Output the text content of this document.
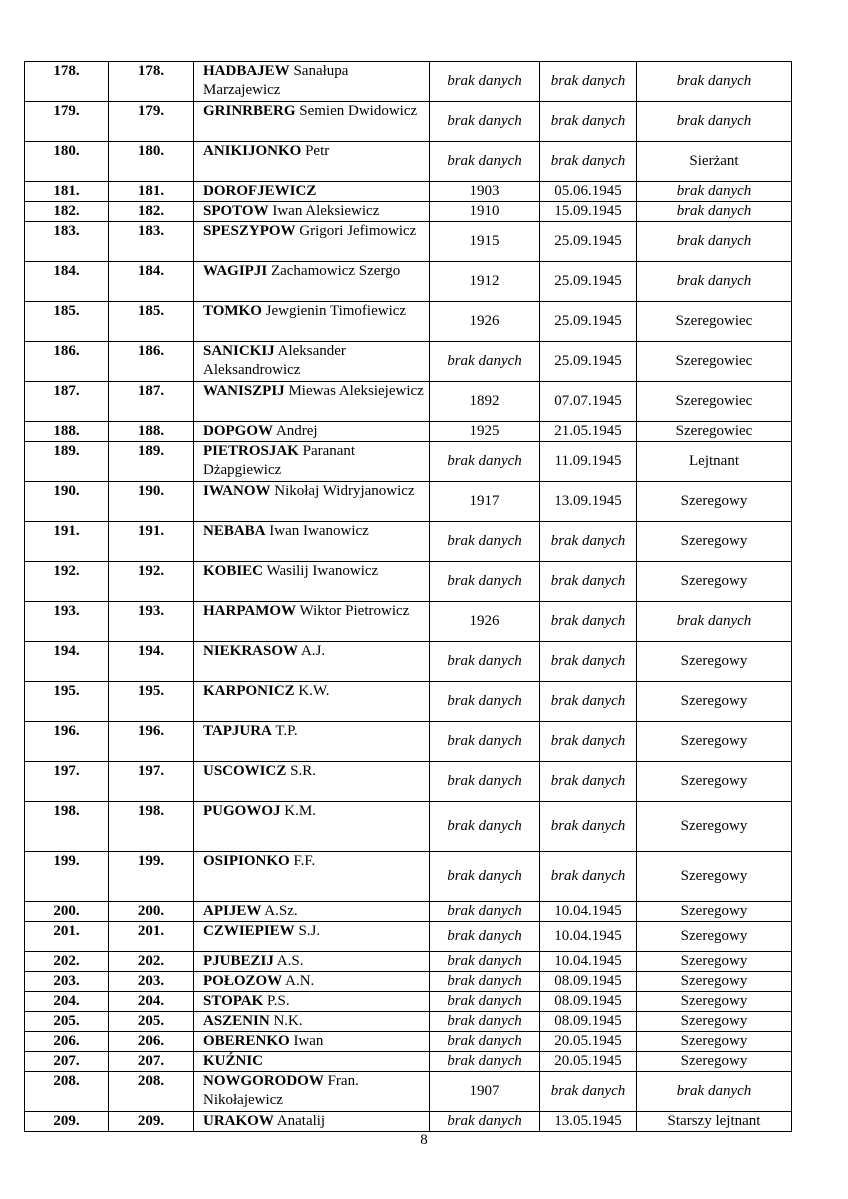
178.	178.	HADBAJEW Sanałupa Marzajewicz	brak danych	brak danych	brak danych
179.	179.	GRINRBERG Semien Dwidowicz	brak danych	brak danych	brak danych
180.	180.	ANIKIJONKO Petr	brak danych	brak danych	Sierżant
181.	181.	DOROFJEWICZ	1903	05.06.1945	brak danych
182.	182.	SPOTOW Iwan Aleksiewicz	1910	15.09.1945	brak danych
183.	183.	SPESZYPOW Grigori Jefimowicz	1915	25.09.1945	brak danych
184.	184.	WAGIPJI Zachamowicz Szergo	1912	25.09.1945	brak danych
185.	185.	TOMKO Jewgienin Timofiewicz	1926	25.09.1945	Szeregowiec
186.	186.	SANICKIJ Aleksander Aleksandrowicz	brak danych	25.09.1945	Szeregowiec
187.	187.	WANISZPIJ Miewas Aleksiejewicz	1892	07.07.1945	Szeregowiec
188.	188.	DOPGOW Andrej	1925	21.05.1945	Szeregowiec
189.	189.	PIETROSJAK Paranant Dżapgiewicz	brak danych	11.09.1945	Lejtnant
190.	190.	IWANOW Nikołaj Widryjanowicz	1917	13.09.1945	Szeregowy
191.	191.	NEBABA Iwan Iwanowicz	brak danych	brak danych	Szeregowy
192.	192.	KOBIEC Wasilij Iwanowicz	brak danych	brak danych	Szeregowy
193.	193.	HARPAMOW Wiktor Pietrowicz	1926	brak danych	brak danych
194.	194.	NIEKRASOW A.J.	brak danych	brak danych	Szeregowy
195.	195.	KARPONICZ K.W.	brak danych	brak danych	Szeregowy
196.	196.	TAPJURA T.P.	brak danych	brak danych	Szeregowy
197.	197.	USCOWICZ S.R.	brak danych	brak danych	Szeregowy
198.	198.	PUGOWOJ K.M.	brak danych	brak danych	Szeregowy
199.	199.	OSIPIONKO F.F.	brak danych	brak danych	Szeregowy
200.	200.	APIJEW A.Sz.	brak danych	10.04.1945	Szeregowy
201.	201.	CZWIEPIEW S.J.	brak danych	10.04.1945	Szeregowy
202.	202.	PJUBEZIJ A.S.	brak danych	10.04.1945	Szeregowy
203.	203.	POŁOZOW A.N.	brak danych	08.09.1945	Szeregowy
204.	204.	STOPAK P.S.	brak danych	08.09.1945	Szeregowy
205.	205.	ASZENIN N.K.	brak danych	08.09.1945	Szeregowy
206.	206.	OBERENKO Iwan	brak danych	20.05.1945	Szeregowy
207.	207.	KUŹNIC	brak danych	20.05.1945	Szeregowy
208.	208.	NOWGORODOW Fran. Nikołajewicz	1907	brak danych	brak danych
209.	209.	URAKOW Anatalij	brak danych	13.05.1945	Starszy lejtnant
8
